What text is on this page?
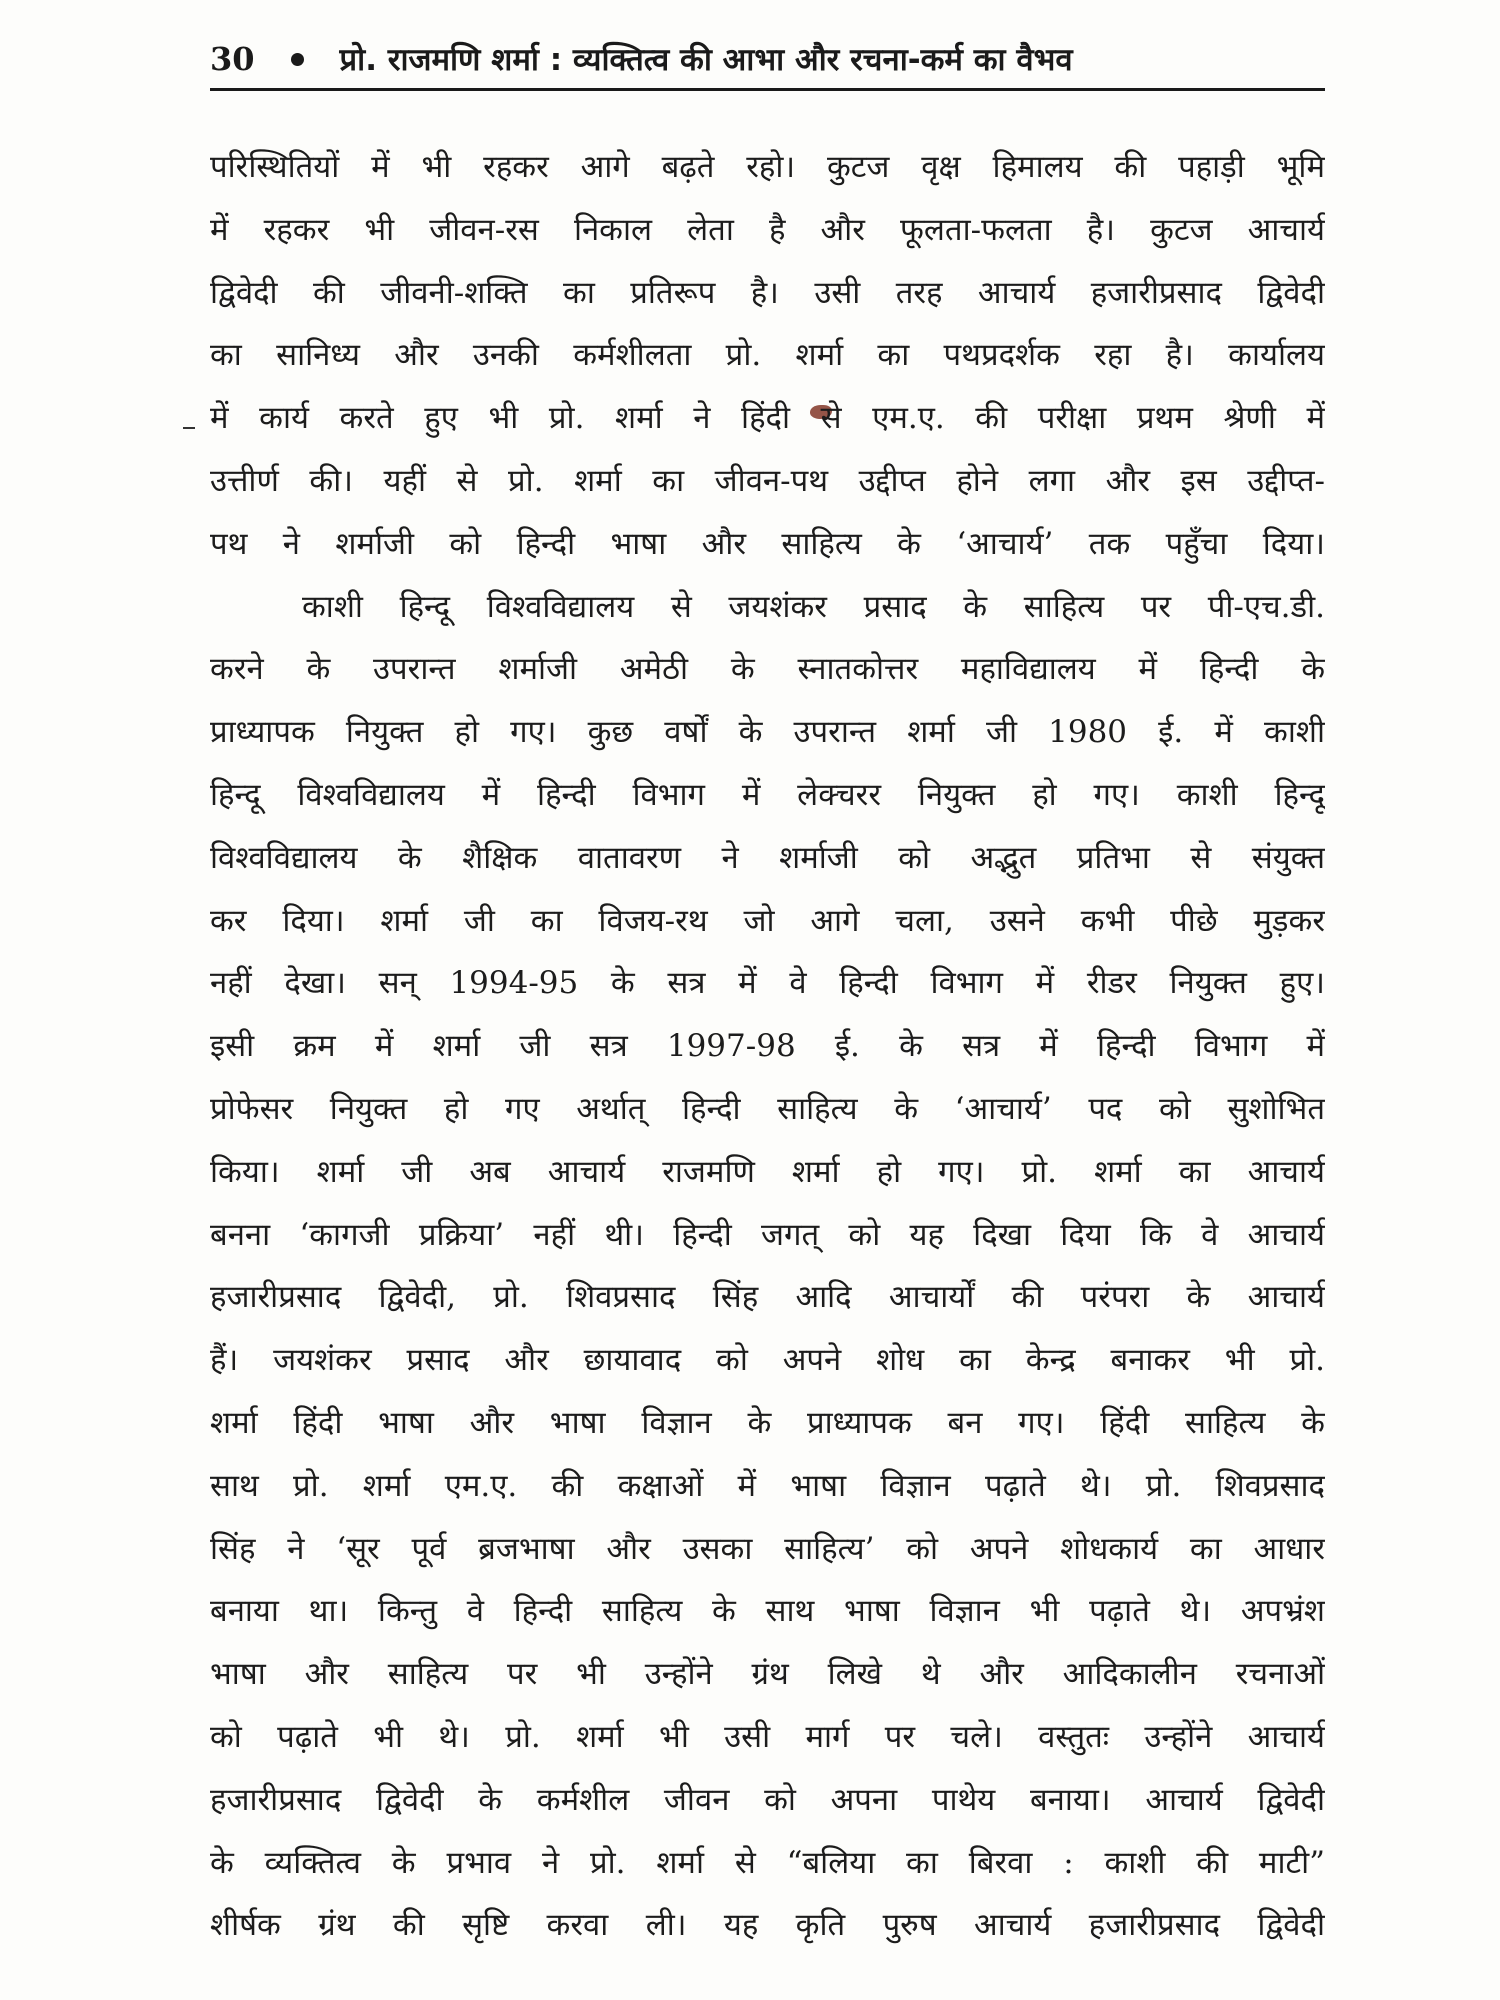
30	प्रो. राजमणि शर्मा : व्यक्तित्व की आभा और रचना-कर्म का वैभव
परिस्थितियों में भी रहकर आगे बढ़ते रहो। कुटज वृक्ष हिमालय की पहाड़ी भूमि
में रहकर भी जीवन-रस निकाल लेता है और फूलता-फलता है। कुटज आचार्य
द्विवेदी की जीवनी-शक्ति का प्रतिरूप है। उसी तरह आचार्य हजारीप्रसाद द्विवेदी
का सानिध्य और उनकी कर्मशीलता प्रो. शर्मा का पथप्रदर्शक रहा है। कार्यालय
में कार्य करते हुए भी प्रो. शर्मा ने हिंदी से एम.ए. की परीक्षा प्रथम श्रेणी में
उत्तीर्ण की। यहीं से प्रो. शर्मा का जीवन-पथ उद्दीप्त होने लगा और इस उद्दीप्त-
पथ ने शर्माजी को हिन्दी भाषा और साहित्य के ‘आचार्य’ तक पहुँचा दिया।
काशी हिन्दू विश्वविद्यालय से जयशंकर प्रसाद के साहित्य पर पी-एच.डी.
करने के उपरान्त शर्माजी अमेठी के स्नातकोत्तर महाविद्यालय में हिन्दी के
प्राध्यापक नियुक्त हो गए। कुछ वर्षों के उपरान्त शर्मा जी 1980 ई. में काशी
हिन्दू विश्वविद्यालय में हिन्दी विभाग में लेक्चरर नियुक्त हो गए। काशी हिन्दू
विश्वविद्यालय के शैक्षिक वातावरण ने शर्माजी को अद्भुत प्रतिभा से संयुक्त
कर दिया। शर्मा जी का विजय-रथ जो आगे चला, उसने कभी पीछे मुड़कर
नहीं देखा। सन् 1994-95 के सत्र में वे हिन्दी विभाग में रीडर नियुक्त हुए।
इसी क्रम में शर्मा जी सत्र 1997-98 ई. के सत्र में हिन्दी विभाग में
प्रोफेसर नियुक्त हो गए अर्थात् हिन्दी साहित्य के ‘आचार्य’ पद को सुशोभित
किया। शर्मा जी अब आचार्य राजमणि शर्मा हो गए। प्रो. शर्मा का आचार्य
बनना ‘कागजी प्रक्रिया’ नहीं थी। हिन्दी जगत् को यह दिखा दिया कि वे आचार्य
हजारीप्रसाद द्विवेदी, प्रो. शिवप्रसाद सिंह आदि आचार्यों की परंपरा के आचार्य
हैं। जयशंकर प्रसाद और छायावाद को अपने शोध का केन्द्र बनाकर भी प्रो.
शर्मा हिंदी भाषा और भाषा विज्ञान के प्राध्यापक बन गए। हिंदी साहित्य के
साथ प्रो. शर्मा एम.ए. की कक्षाओं में भाषा विज्ञान पढ़ाते थे। प्रो. शिवप्रसाद
सिंह ने ‘सूर पूर्व ब्रजभाषा और उसका साहित्य’ को अपने शोधकार्य का आधार
बनाया था। किन्तु वे हिन्दी साहित्य के साथ भाषा विज्ञान भी पढ़ाते थे। अपभ्रंश
भाषा और साहित्य पर भी उन्होंने ग्रंथ लिखे थे और आदिकालीन रचनाओं
को पढ़ाते भी थे। प्रो. शर्मा भी उसी मार्ग पर चले। वस्तुतः उन्होंने आचार्य
हजारीप्रसाद द्विवेदी के कर्मशील जीवन को अपना पाथेय बनाया। आचार्य द्विवेदी
के व्यक्तित्व के प्रभाव ने प्रो. शर्मा से “बलिया का बिरवा : काशी की माटी”
शीर्षक ग्रंथ की सृष्टि करवा ली। यह कृति पुरुष आचार्य हजारीप्रसाद द्विवेदी
